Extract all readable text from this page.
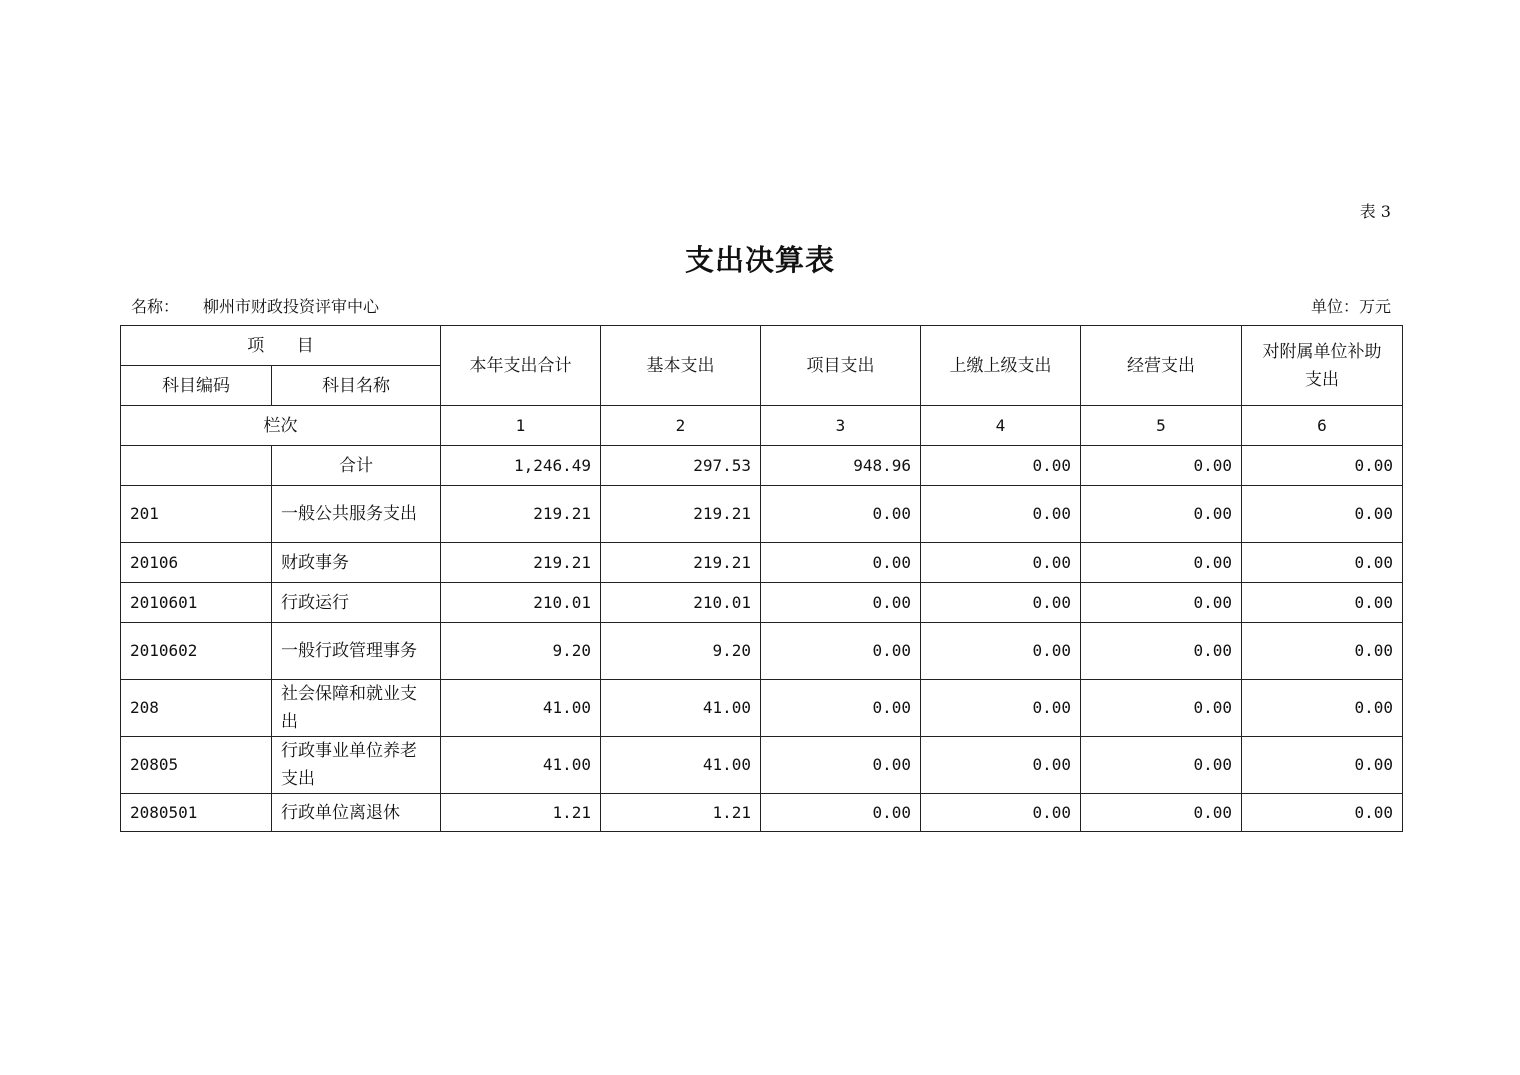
表 3
支出决算表
名称： 柳州市财政投资评审中心	单位：万元
项      目		本年支出合计	基本支出	项目支出	上缴上级支出	经营支出	对附属单位补助支出
科目编码	科目名称						
栏次		1	2	3	4	5	6
	合计	1,246.49	297.53	948.96	0.00	0.00	0.00
201	一般公共服务支出	219.21	219.21	0.00	0.00	0.00	0.00
20106	财政事务	219.21	219.21	0.00	0.00	0.00	0.00
2010601	行政运行	210.01	210.01	0.00	0.00	0.00	0.00
2010602	一般行政管理事务	9.20	9.20	0.00	0.00	0.00	0.00
208	社会保障和就业支出	41.00	41.00	0.00	0.00	0.00	0.00
20805	行政事业单位养老支出	41.00	41.00	0.00	0.00	0.00	0.00
2080501	行政单位离退休	1.21	1.21	0.00	0.00	0.00	0.00
